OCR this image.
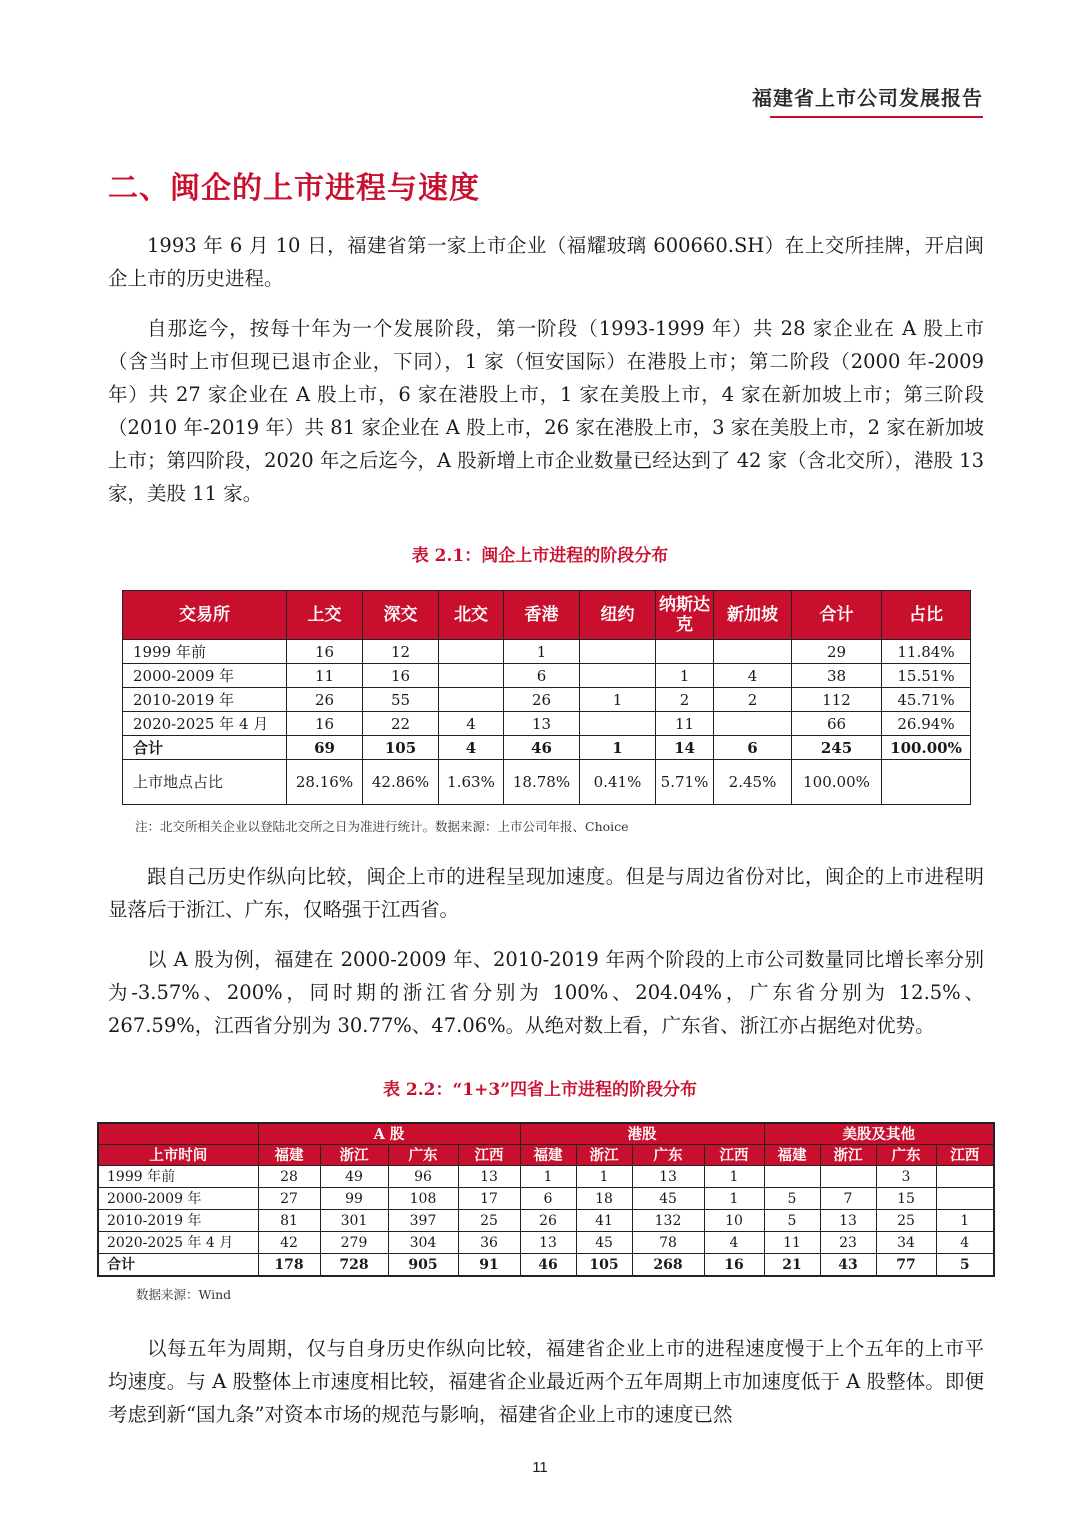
福建省上市公司发展报告
二、闽企的上市进程与速度
1993 年 6 月 10 日，福建省第一家上市企业（福耀玻璃 600660.SH）在上交所挂牌，开启闽企上市的历史进程。
自那迄今，按每十年为一个发展阶段，第一阶段（1993-1999 年）共 28 家企业在 A 股上市（含当时上市但现已退市企业，下同），1 家（恒安国际）在港股上市；第二阶段（2000 年-2009 年）共 27 家企业在 A 股上市，6 家在港股上市，1 家在美股上市，4 家在新加坡上市；第三阶段（2010 年-2019 年）共 81 家企业在 A 股上市，26 家在港股上市，3 家在美股上市，2 家在新加坡上市；第四阶段，2020 年之后迄今，A 股新增上市企业数量已经达到了 42 家（含北交所），港股 13 家，美股 11 家。
表 2.1：闽企上市进程的阶段分布
交易所	上交	深交	北交	香港	纽约	纳斯达克	新加坡	合计	占比
1999 年前	16	12		1				29	11.84%
2000-2009 年	11	16		6		1	4	38	15.51%
2010-2019 年	26	55		26	1	2	2	112	45.71%
2020-2025 年 4 月	16	22	4	13		11		66	26.94%
合计	69	105	4	46	1	14	6	245	100.00%
上市地点占比	28.16%	42.86%	1.63%	18.78%	0.41%	5.71%	2.45%	100.00%	
注：北交所相关企业以登陆北交所之日为准进行统计。数据来源：上市公司年报、Choice
跟自己历史作纵向比较，闽企上市的进程呈现加速度。但是与周边省份对比，闽企的上市进程明显落后于浙江、广东，仅略强于江西省。
以 A 股为例，福建在 2000-2009 年、2010-2019 年两个阶段的上市公司数量同比增长率分别为-3.57%、200%，同时期的浙江省分别为 100%、204.04%，广东省分别为 12.5%、267.59%，江西省分别为 30.77%、47.06%。从绝对数上看，广东省、浙江亦占据绝对优势。
表 2.2：“1+3”四省上市进程的阶段分布
	A 股				港股				美股及其他			
上市时间	福建	浙江	广东	江西	福建	浙江	广东	江西	福建	浙江	广东	江西
1999 年前	28	49	96	13	1	1	13	1			3	
2000-2009 年	27	99	108	17	6	18	45	1	5	7	15	
2010-2019 年	81	301	397	25	26	41	132	10	5	13	25	1
2020-2025 年 4 月	42	279	304	36	13	45	78	4	11	23	34	4
合计	178	728	905	91	46	105	268	16	21	43	77	5
数据来源：Wind
以每五年为周期，仅与自身历史作纵向比较，福建省企业上市的进程速度慢于上个五年的上市平均速度。与 A 股整体上市速度相比较，福建省企业最近两个五年周期上市加速度低于 A 股整体。即便考虑到新“国九条”对资本市场的规范与影响，福建省企业上市的速度已然
11
